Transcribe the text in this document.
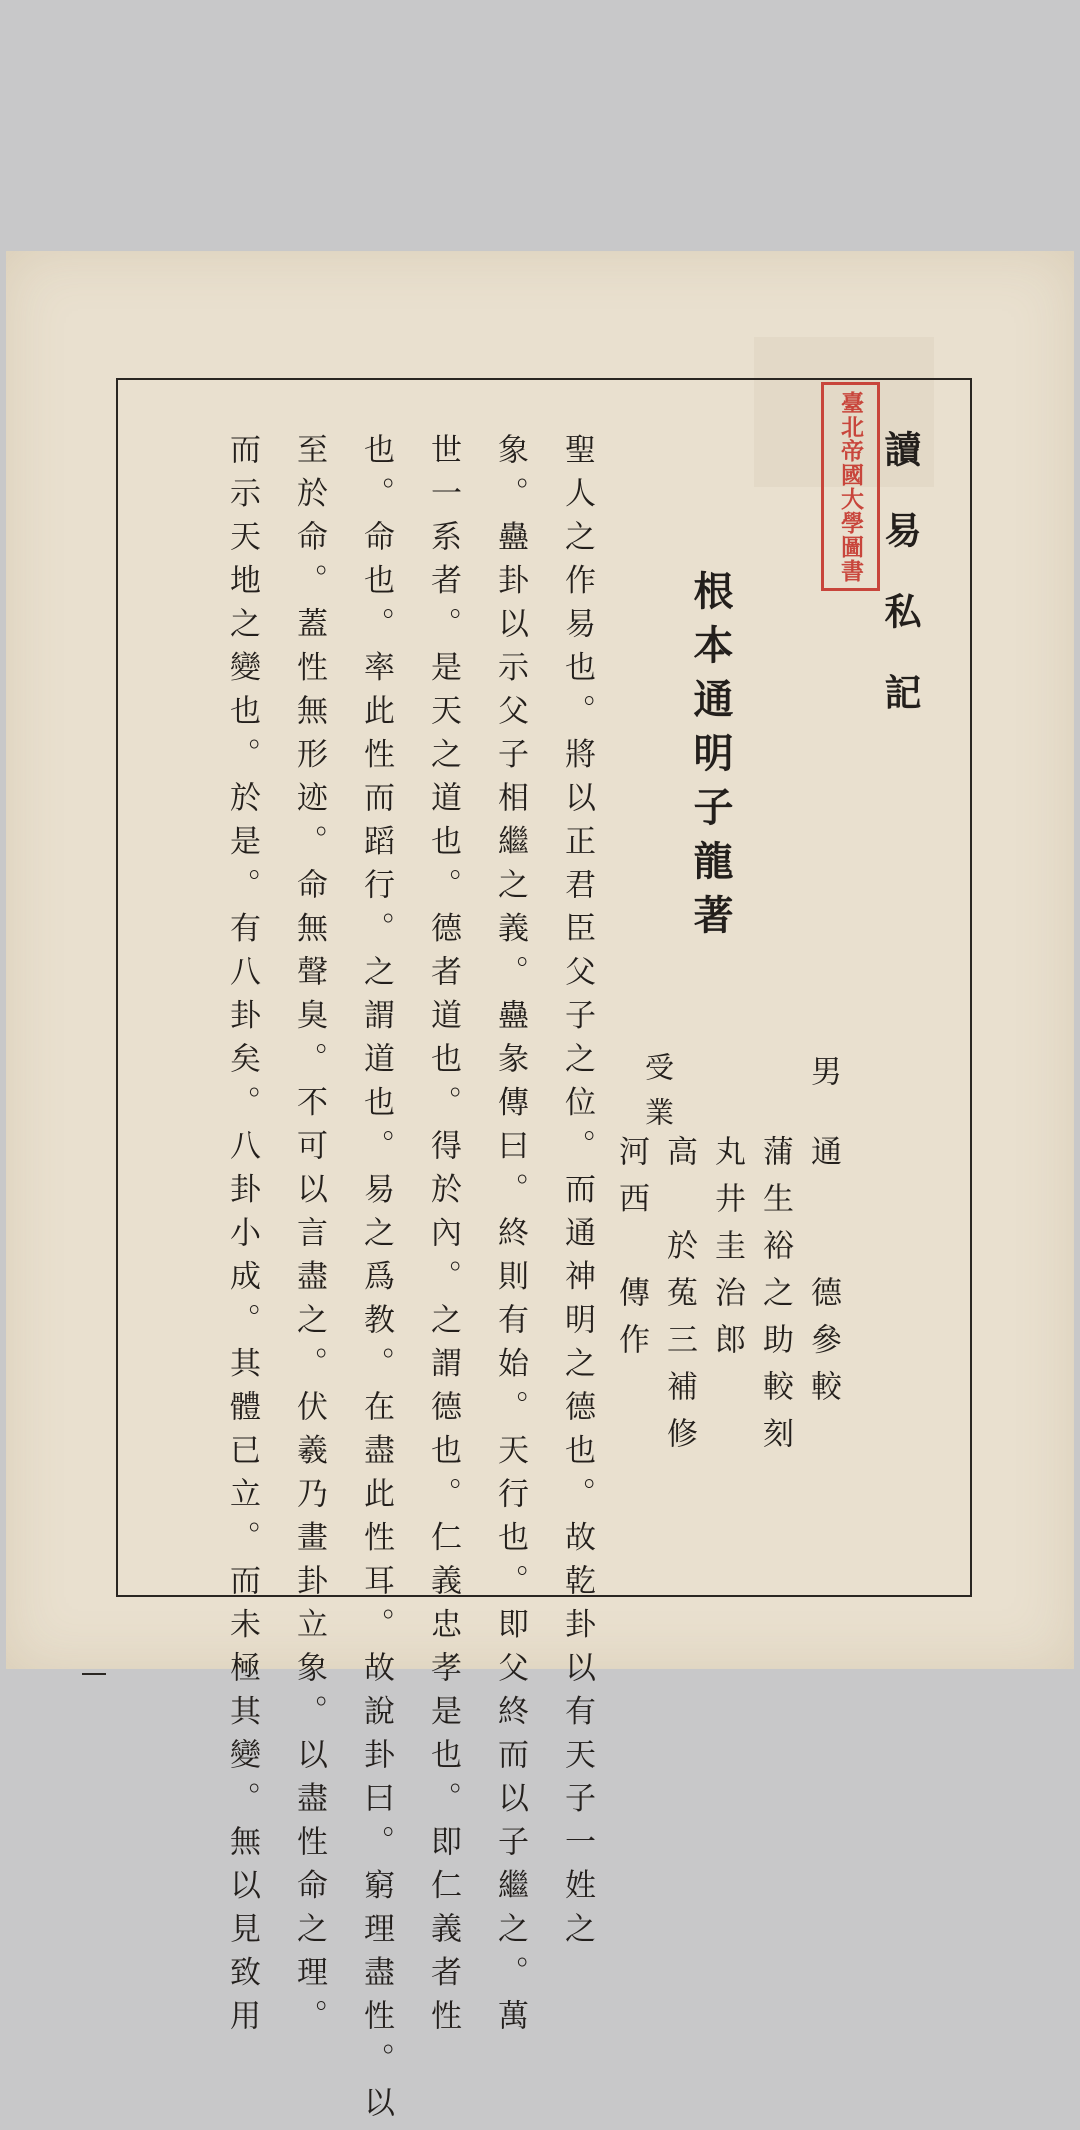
臺北帝國大學圖書 讀易私記
男
通　　德參較
蒲生裕之助較刻
丸井圭治郎
受業
高　於菟三補修
河西　傳作
根本通明子龍著
聖人之作易也。將以正君臣父子之位。而通神明之德也。故乾卦以有天子一姓之
象。蠱卦以示父子相繼之義。蠱彖傳曰。終則有始。天行也。即父終而以子繼之。萬
世一系者。是天之道也。德者道也。得於內。之謂德也。仁義忠孝是也。即仁義者性
也。命也。率此性而蹈行。之謂道也。易之爲教。在盡此性耳。故說卦曰。窮理盡性。以
至於命。蓋性無形迹。命無聲臭。不可以言盡之。伏羲乃畫卦立象。以盡性命之理。
而示天地之變也。於是。有八卦矣。八卦小成。其體已立。而未極其變。無以見致用
